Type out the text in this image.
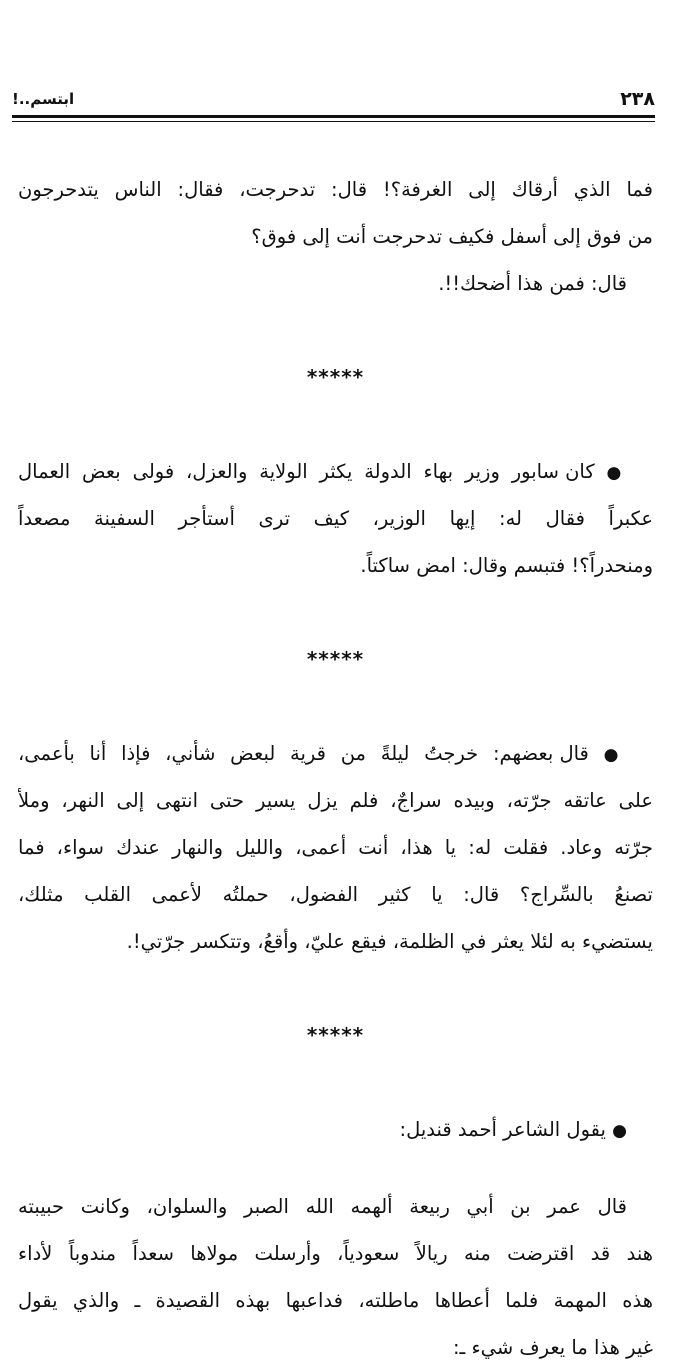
٢٣٨
ابتسم..!
فما الذي أرقاك إلى الغرفة؟! قال: تدحرجت، فقال: الناس يتدحرجون
من فوق إلى أسفل فكيف تدحرجت أنت إلى فوق؟
قال: فمن هذا أضحك!!.
*****
● كان سابور وزير بهاء الدولة يكثر الولاية والعزل، فولى بعض العمال
عكبراً فقال له: إيها الوزير، كيف ترى أستأجر السفينة مصعداً
ومنحدراً؟! فتبسم وقال: امض ساكتاً.
*****
● قال بعضهم: خرجتُ ليلةً من قرية لبعض شأني، فإذا أنا بأعمى،
على عاتقه جرّته، وبيده سراجٌ، فلم يزل يسير حتى انتهى إلى النهر، وملأ
جرّته وعاد. فقلت له: يا هذا، أنت أعمى، والليل والنهار عندك سواء، فما
تصنعُ بالسِّراج؟ قال: يا كثير الفضول، حملتُه لأعمى القلب مثلك،
يستضيء به لئلا يعثر في الظلمة، فيقع عليّ، وأقعُ، وتتكسر جرّتي!.
*****
● يقول الشاعر أحمد قنديل:
قال عمر بن أبي ربيعة ألهمه الله الصبر والسلوان، وكانت حبيبته
هند قد اقترضت منه ريالاً سعودياً، وأرسلت مولاها سعداً مندوباً لأداء
هذه المهمة فلما أعطاها ماطلته، فداعبها بهذه القصيدة ـ والذي يقول
غير هذا ما يعرف شيء ـ:
